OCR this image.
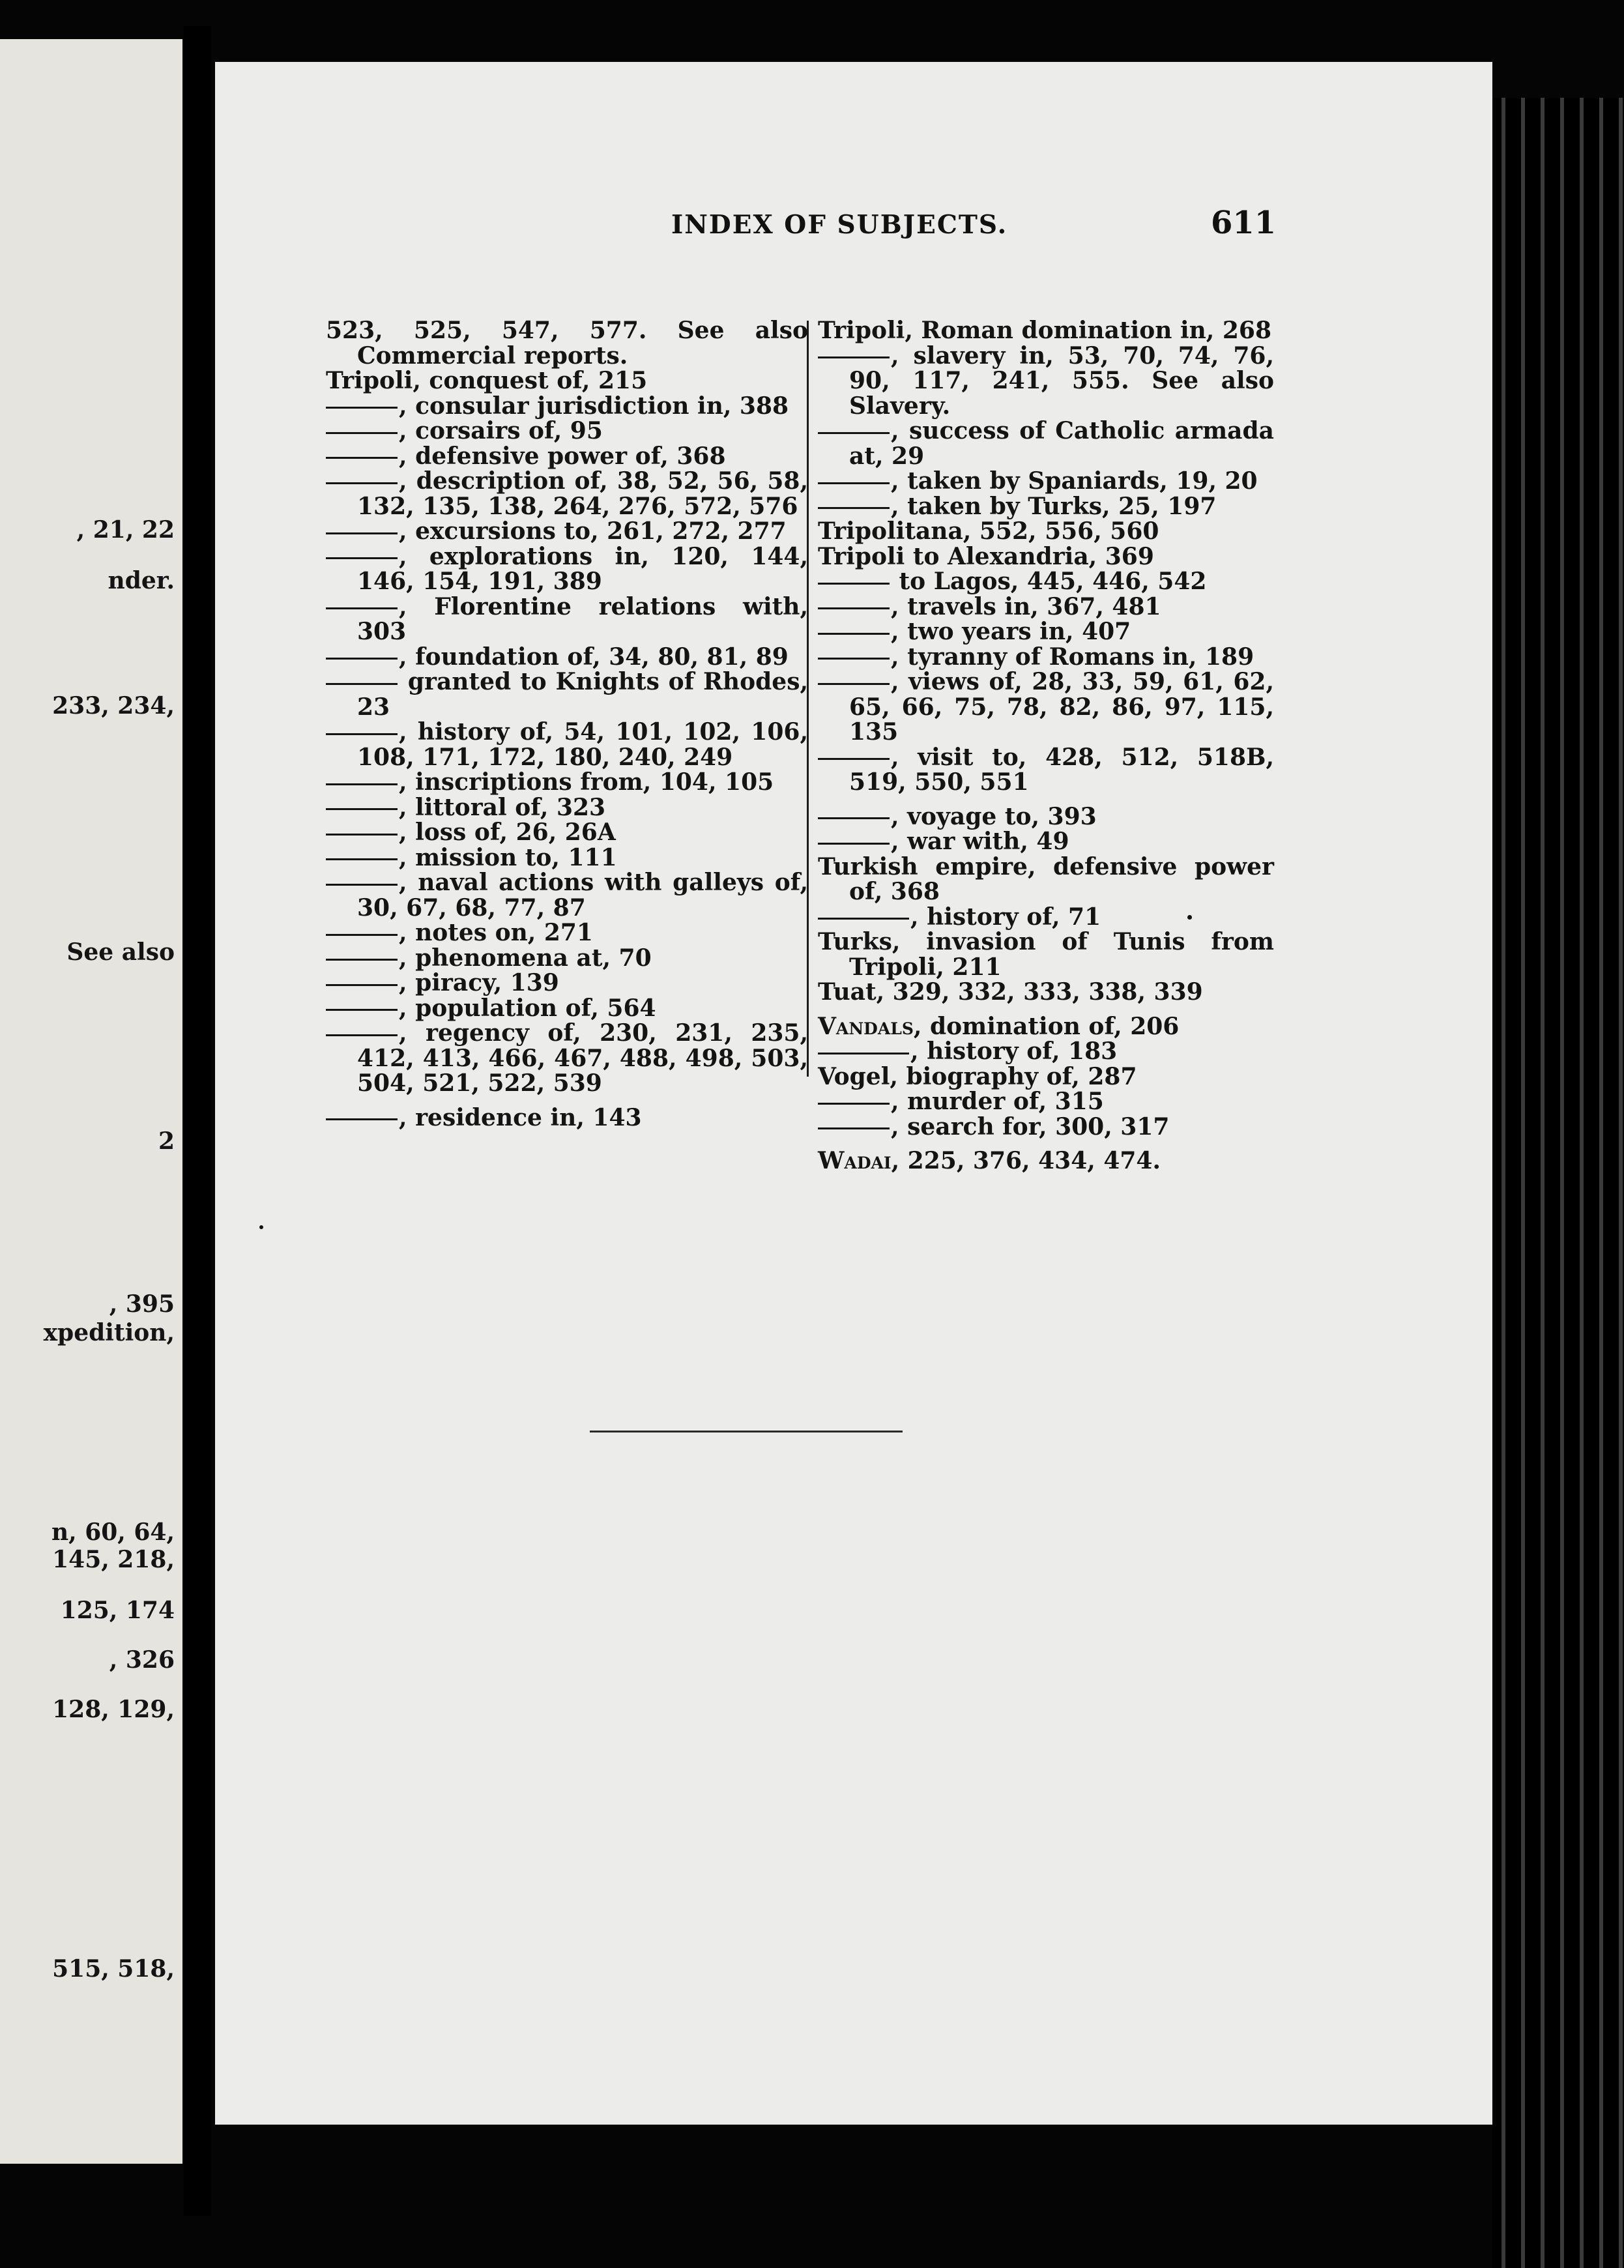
, 21, 22
nder.
233, 234,
See also
2
, 395
xpedition,
n, 60, 64,
145, 218,
125, 174
, 326
128, 129,
515, 518,
INDEX OF SUBJECTS.	611
523, 525, 547, 577. See also Commercial reports.
Tripoli, conquest of, 215
, consular jurisdiction in, 388
, corsairs of, 95
, defensive power of, 368
, description of, 38, 52, 56, 58, 132, 135, 138, 264, 276, 572, 576
, excursions to, 261, 272, 277
, explorations in, 120, 144, 146, 154, 191, 389
, Florentine relations with, 303
, foundation of, 34, 80, 81, 89
granted to Knights of Rhodes, 23
, history of, 54, 101, 102, 106, 108, 171, 172, 180, 240, 249
, inscriptions from, 104, 105
, littoral of, 323
, loss of, 26, 26A
, mission to, 111
, naval actions with galleys of, 30, 67, 68, 77, 87
, notes on, 271
, phenomena at, 70
, piracy, 139
, population of, 564
, regency of, 230, 231, 235, 412, 413, 466, 467, 488, 498, 503, 504, 521, 522, 539
, residence in, 143
Tripoli, Roman domination in, 268
, slavery in, 53, 70, 74, 76, 90, 117, 241, 555. See also Slavery.
, success of Catholic armada at, 29
, taken by Spaniards, 19, 20
, taken by Turks, 25, 197
Tripolitana, 552, 556, 560
Tripoli to Alexandria, 369
to Lagos, 445, 446, 542
, travels in, 367, 481
, two years in, 407
, tyranny of Romans in, 189
, views of, 28, 33, 59, 61, 62, 65, 66, 75, 78, 82, 86, 97, 115, 135
, visit to, 428, 512, 518B, 519, 550, 551
, voyage to, 393
, war with, 49
Turkish empire, defensive power of, 368
, history of, 71
Turks, invasion of Tunis from Tripoli, 211
Tuat, 329, 332, 333, 338, 339
Vandals, domination of, 206
, history of, 183
Vogel, biography of, 287
, murder of, 315
, search for, 300, 317
Wadai, 225, 376, 434, 474.
